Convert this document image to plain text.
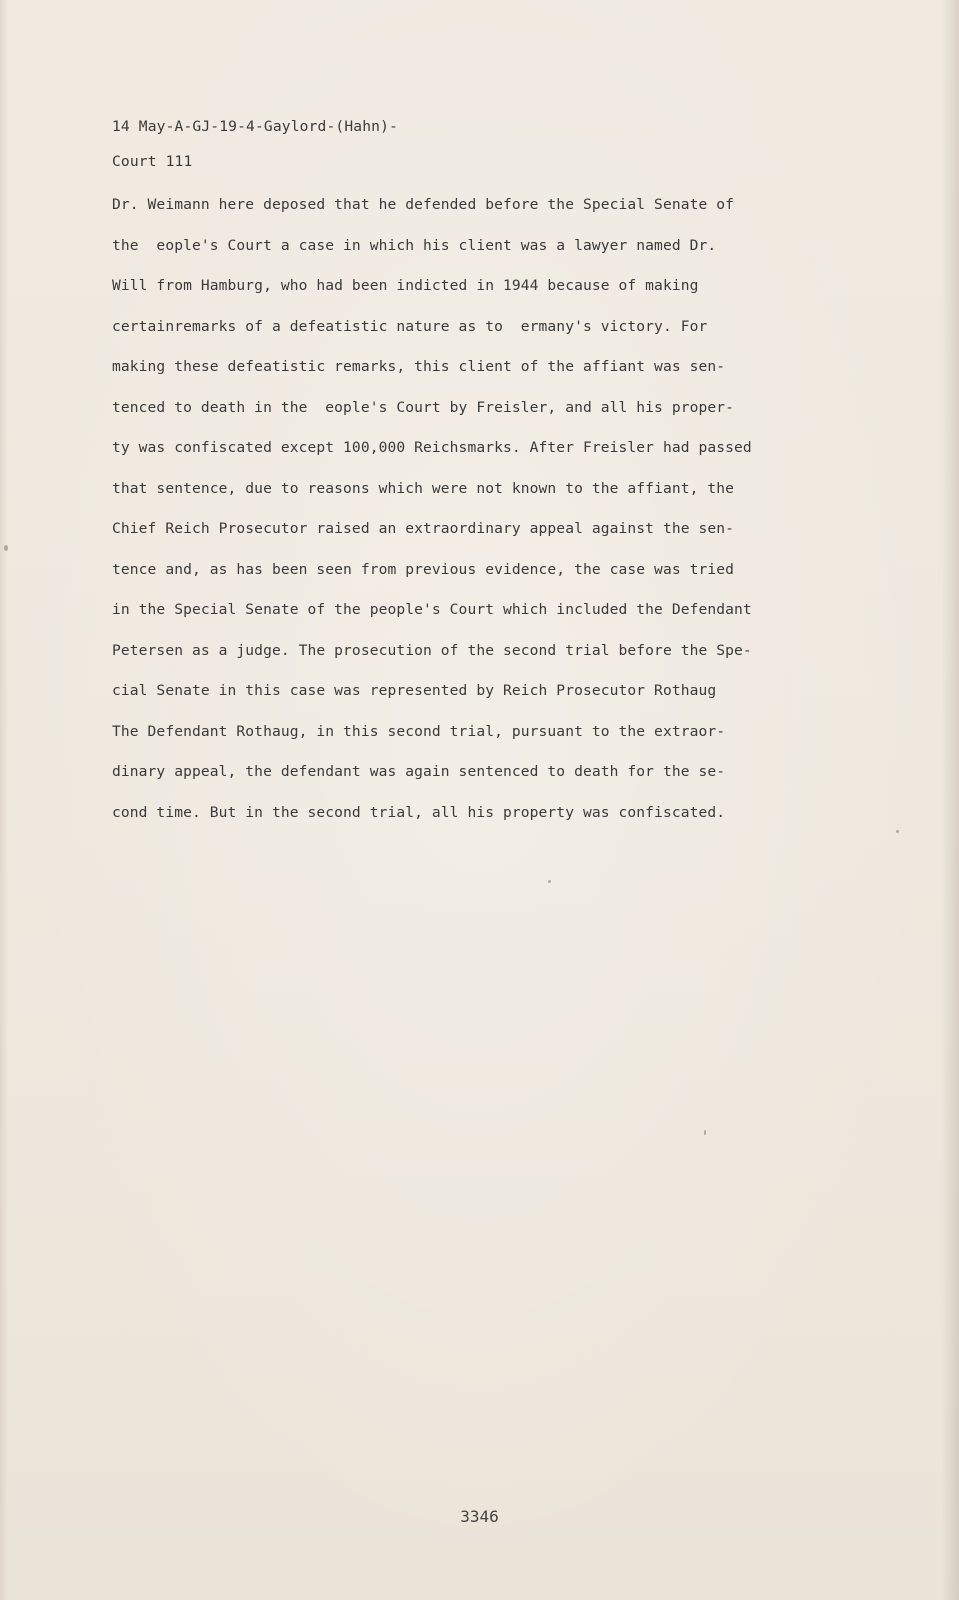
14 May-A-GJ-19-4-Gaylord-(Hahn)-
Court 111
Dr. Weimann here deposed that he defended before the Special Senate of
the  eople's Court a case in which his client was a lawyer named Dr.
Will from Hamburg, who had been indicted in 1944 because of making
certainremarks of a defeatistic nature as to  ermany's victory. For
making these defeatistic remarks, this client of the affiant was sen-
tenced to death in the  eople's Court by Freisler, and all his proper-
ty was confiscated except 100,000 Reichsmarks. After Freisler had passed
that sentence, due to reasons which were not known to the affiant, the
Chief Reich Prosecutor raised an extraordinary appeal against the sen-
tence and, as has been seen from previous evidence, the case was tried
in the Special Senate of the people's Court which included the Defendant
Petersen as a judge. The prosecution of the second trial before the Spe-
cial Senate in this case was represented by Reich Prosecutor Rothaug
The Defendant Rothaug, in this second trial, pursuant to the extraor-
dinary appeal, the defendant was again sentenced to death for the se-
cond time. But in the second trial, all his property was confiscated.
3346
